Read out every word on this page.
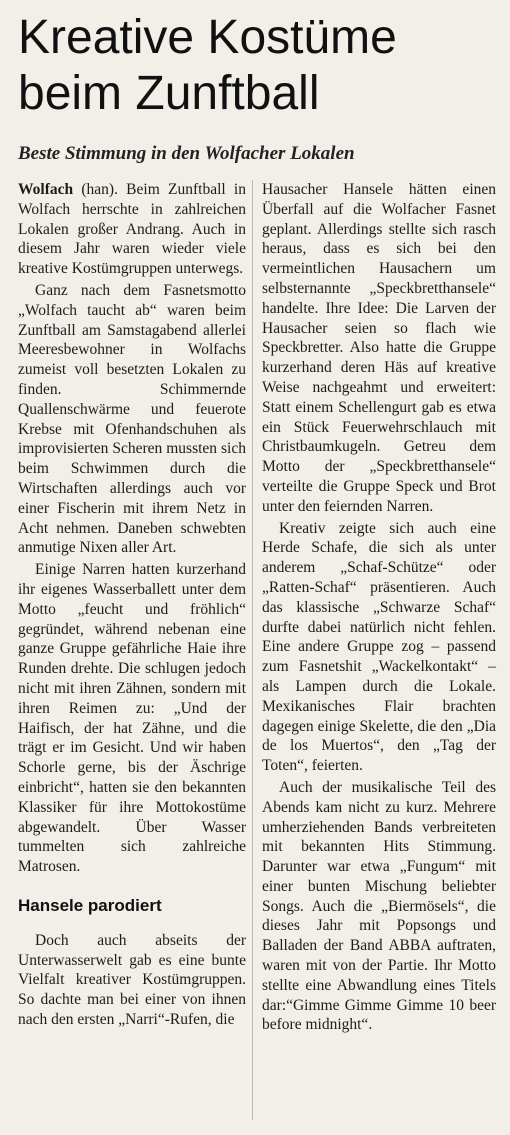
Kreative Kostüme beim Zunftball
Beste Stimmung in den Wolfacher Lokalen

Wolfach (han). Beim Zunftball in Wolfach herrschte in zahlreichen Lokalen großer Andrang. Auch in diesem Jahr waren wieder viele kreative Kostümgruppen unterwegs.

Ganz nach dem Fasnetsmotto „Wolfach taucht ab“ waren beim Zunftball am Samstagabend allerlei Meeresbewohner in Wolfachs zumeist voll besetzten Lokalen zu finden. Schimmernde Quallenschwärme und feuerote Krebse mit Ofenhandschuhen als improvisierten Scheren mussten sich beim Schwimmen durch die Wirtschaften allerdings auch vor einer Fischerin mit ihrem Netz in Acht nehmen. Daneben schwebten anmutige Nixen aller Art.

Einige Narren hatten kurzerhand ihr eigenes Wasserballett unter dem Motto „feucht und fröhlich“ gegründet, während nebenan eine ganze Gruppe gefährliche Haie ihre Runden drehte. Die schlugen jedoch nicht mit ihren Zähnen, sondern mit ihren Reimen zu: „Und der Haifisch, der hat Zähne, und die trägt er im Gesicht. Und wir haben Schorle gerne, bis der Äschrige einbricht“, hatten sie den bekannten Klassiker für ihre Mottokostüme abgewandelt. Über Wasser tummelten sich zahlreiche Matrosen.

Hansele parodiert

Doch auch abseits der Unterwasserwelt gab es eine bunte Vielfalt kreativer Kostümgruppen. So dachte man bei einer von ihnen nach den ersten „Narri“-Rufen, die

Hausacher Hansele hätten einen Überfall auf die Wolfacher Fasnet geplant. Allerdings stellte sich rasch heraus, dass es sich bei den vermeintlichen Hausachern um selbsternannte „Speckbretthansele“ handelte. Ihre Idee: Die Larven der Hausacher seien so flach wie Speckbretter. Also hatte die Gruppe kurzerhand deren Häs auf kreative Weise nachgeahmt und erweitert: Statt einem Schellengurt gab es etwa ein Stück Feuerwehrschlauch mit Christbaumkugeln. Getreu dem Motto der „Speckbretthansele“ verteilte die Gruppe Speck und Brot unter den feiernden Narren.

Kreativ zeigte sich auch eine Herde Schafe, die sich als unter anderem „Schaf-Schütze“ oder „Ratten-Schaf“ präsentieren. Auch das klassische „Schwarze Schaf“ durfte dabei natürlich nicht fehlen. Eine andere Gruppe zog – passend zum Fasnetshit „Wackelkontakt“ – als Lampen durch die Lokale. Mexikanisches Flair brachten dagegen einige Skelette, die den „Dia de los Muertos“, den „Tag der Toten“, feierten.

Auch der musikalische Teil des Abends kam nicht zu kurz. Mehrere umherziehenden Bands verbreiteten mit bekannten Hits Stimmung. Darunter war etwa „Fungum“ mit einer bunten Mischung beliebter Songs. Auch die „Biermösels“, die dieses Jahr mit Popsongs und Balladen der Band ABBA auftraten, waren mit von der Partie. Ihr Motto stellte eine Abwandlung eines Titels dar:“Gimme Gimme Gimme 10 beer before midnight“.
